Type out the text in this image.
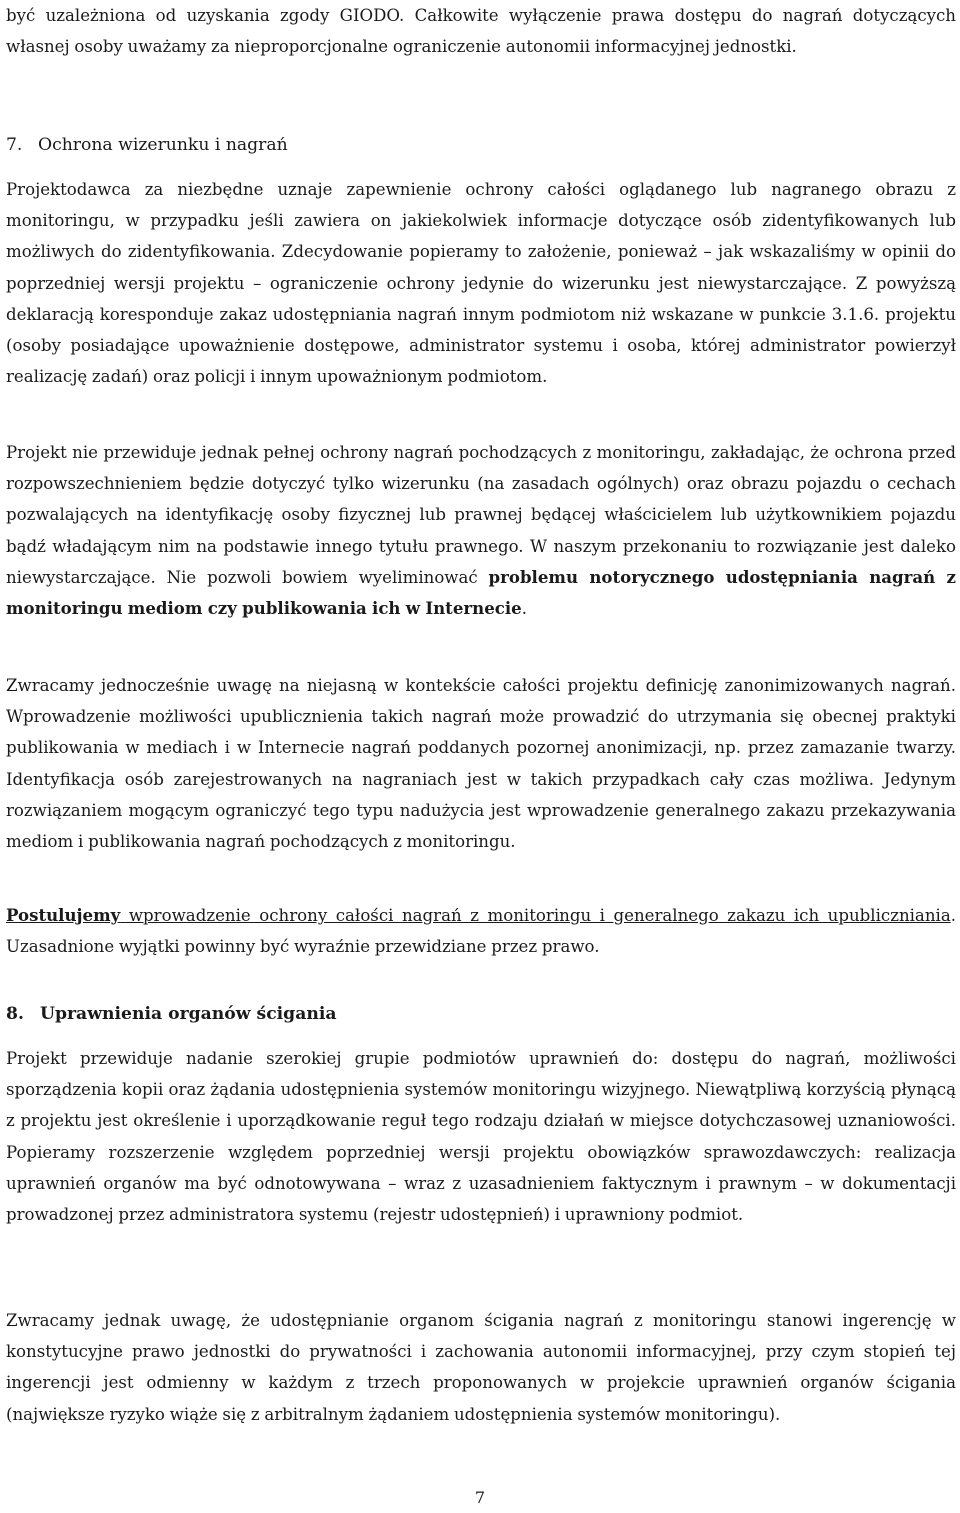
być uzależniona od uzyskania zgody GIODO. Całkowite wyłączenie prawa dostępu do nagrań dotyczących własnej osoby uważamy za nieproporcjonalne ograniczenie autonomii informacyjnej jednostki.

7. Ochrona wizerunku i nagrań

Projektodawca za niezbędne uznaje zapewnienie ochrony całości oglądanego lub nagranego obrazu z monitoringu, w przypadku jeśli zawiera on jakiekolwiek informacje dotyczące osób zidentyfikowanych lub możliwych do zidentyfikowania. Zdecydowanie popieramy to założenie, ponieważ – jak wskazaliśmy w opinii do poprzedniej wersji projektu – ograniczenie ochrony jedynie do wizerunku jest niewystarczające. Z powyższą deklaracją koresponduje zakaz udostępniania nagrań innym podmiotom niż wskazane w punkcie 3.1.6. projektu (osoby posiadające upoważnienie dostępowe, administrator systemu i osoba, której administrator powierzył realizację zadań) oraz policji i innym upoważnionym podmiotom.

Projekt nie przewiduje jednak pełnej ochrony nagrań pochodzących z monitoringu, zakładając, że ochrona przed rozpowszechnieniem będzie dotyczyć tylko wizerunku (na zasadach ogólnych) oraz obrazu pojazdu o cechach pozwalających na identyfikację osoby fizycznej lub prawnej będącej właścicielem lub użytkownikiem pojazdu bądź władającym nim na podstawie innego tytułu prawnego. W naszym przekonaniu to rozwiązanie jest daleko niewystarczające. Nie pozwoli bowiem wyeliminować problemu notorycznego udostępniania nagrań z monitoringu mediom czy publikowania ich w Internecie.

Zwracamy jednocześnie uwagę na niejasną w kontekście całości projektu definicję zanonimizowanych nagrań. Wprowadzenie możliwości upublicznienia takich nagrań może prowadzić do utrzymania się obecnej praktyki publikowania w mediach i w Internecie nagrań poddanych pozornej anonimizacji, np. przez zamazanie twarzy. Identyfikacja osób zarejestrowanych na nagraniach jest w takich przypadkach cały czas możliwa. Jedynym rozwiązaniem mogącym ograniczyć tego typu nadużycia jest wprowadzenie generalnego zakazu przekazywania mediom i publikowania nagrań pochodzących z monitoringu.

Postulujemy wprowadzenie ochrony całości nagrań z monitoringu i generalnego zakazu ich upubliczniania. Uzasadnione wyjątki powinny być wyraźnie przewidziane przez prawo.

8. Uprawnienia organów ścigania

Projekt przewiduje nadanie szerokiej grupie podmiotów uprawnień do: dostępu do nagrań, możliwości sporządzenia kopii oraz żądania udostępnienia systemów monitoringu wizyjnego. Niewątpliwą korzyścią płynącą z projektu jest określenie i uporządkowanie reguł tego rodzaju działań w miejsce dotychczasowej uznaniowości. Popieramy rozszerzenie względem poprzedniej wersji projektu obowiązków sprawozdawczych: realizacja uprawnień organów ma być odnotowywana – wraz z uzasadnieniem faktycznym i prawnym – w dokumentacji prowadzonej przez administratora systemu (rejestr udostępnień) i uprawniony podmiot.

Zwracamy jednak uwagę, że udostępnianie organom ścigania nagrań z monitoringu stanowi ingerencję w konstytucyjne prawo jednostki do prywatności i zachowania autonomii informacyjnej, przy czym stopień tej ingerencji jest odmienny w każdym z trzech proponowanych w projekcie uprawnień organów ścigania (największe ryzyko wiąże się z arbitralnym żądaniem udostępnienia systemów monitoringu).

7
